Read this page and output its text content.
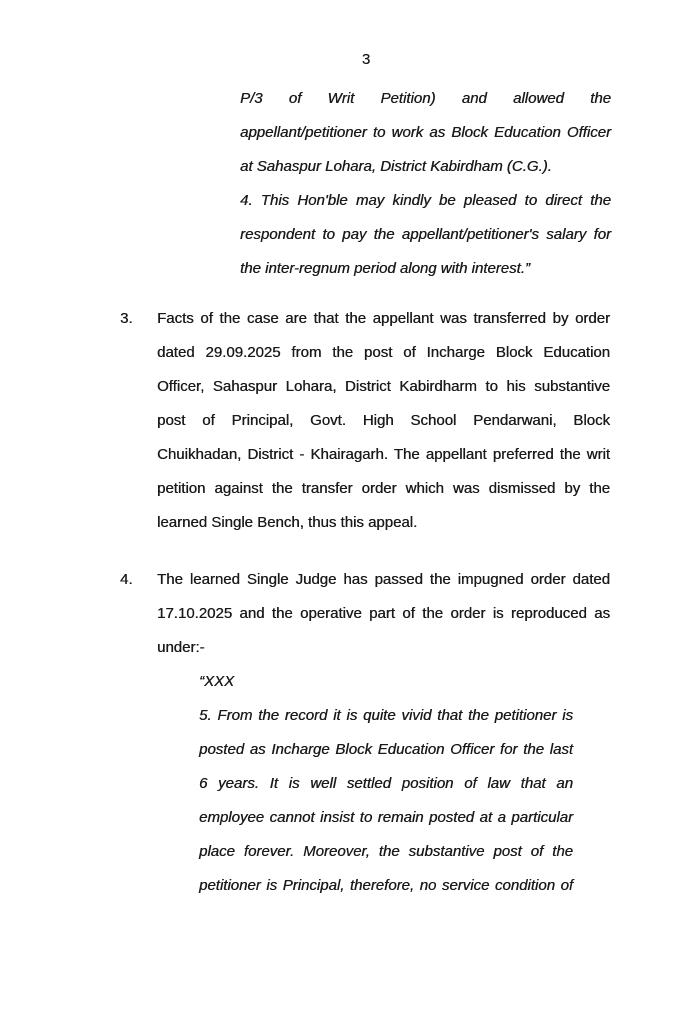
3
P/3 of Writ Petition) and allowed the
appellant/petitioner to work as Block Education Officer
at Sahaspur Lohara, District Kabirdham (C.G.).
4. This Hon'ble may kindly be pleased to direct the
respondent to pay the appellant/petitioner's salary for
the inter-regnum period along with interest.”
3. Facts of the case are that the appellant was transferred by order
dated 29.09.2025 from the post of Incharge Block Education
Officer, Sahaspur Lohara, District Kabirdharm to his substantive
post of Principal, Govt. High School Pendarwani, Block
Chuikhadan, District - Khairagarh. The appellant preferred the writ
petition against the transfer order which was dismissed by the
learned Single Bench, thus this appeal.
4. The learned Single Judge has passed the impugned order dated
17.10.2025 and the operative part of the order is reproduced as
under:-
“XXX
5. From the record it is quite vivid that the petitioner is
posted as Incharge Block Education Officer for the last
6 years. It is well settled position of law that an
employee cannot insist to remain posted at a particular
place forever. Moreover, the substantive post of the
petitioner is Principal, therefore, no service condition of
